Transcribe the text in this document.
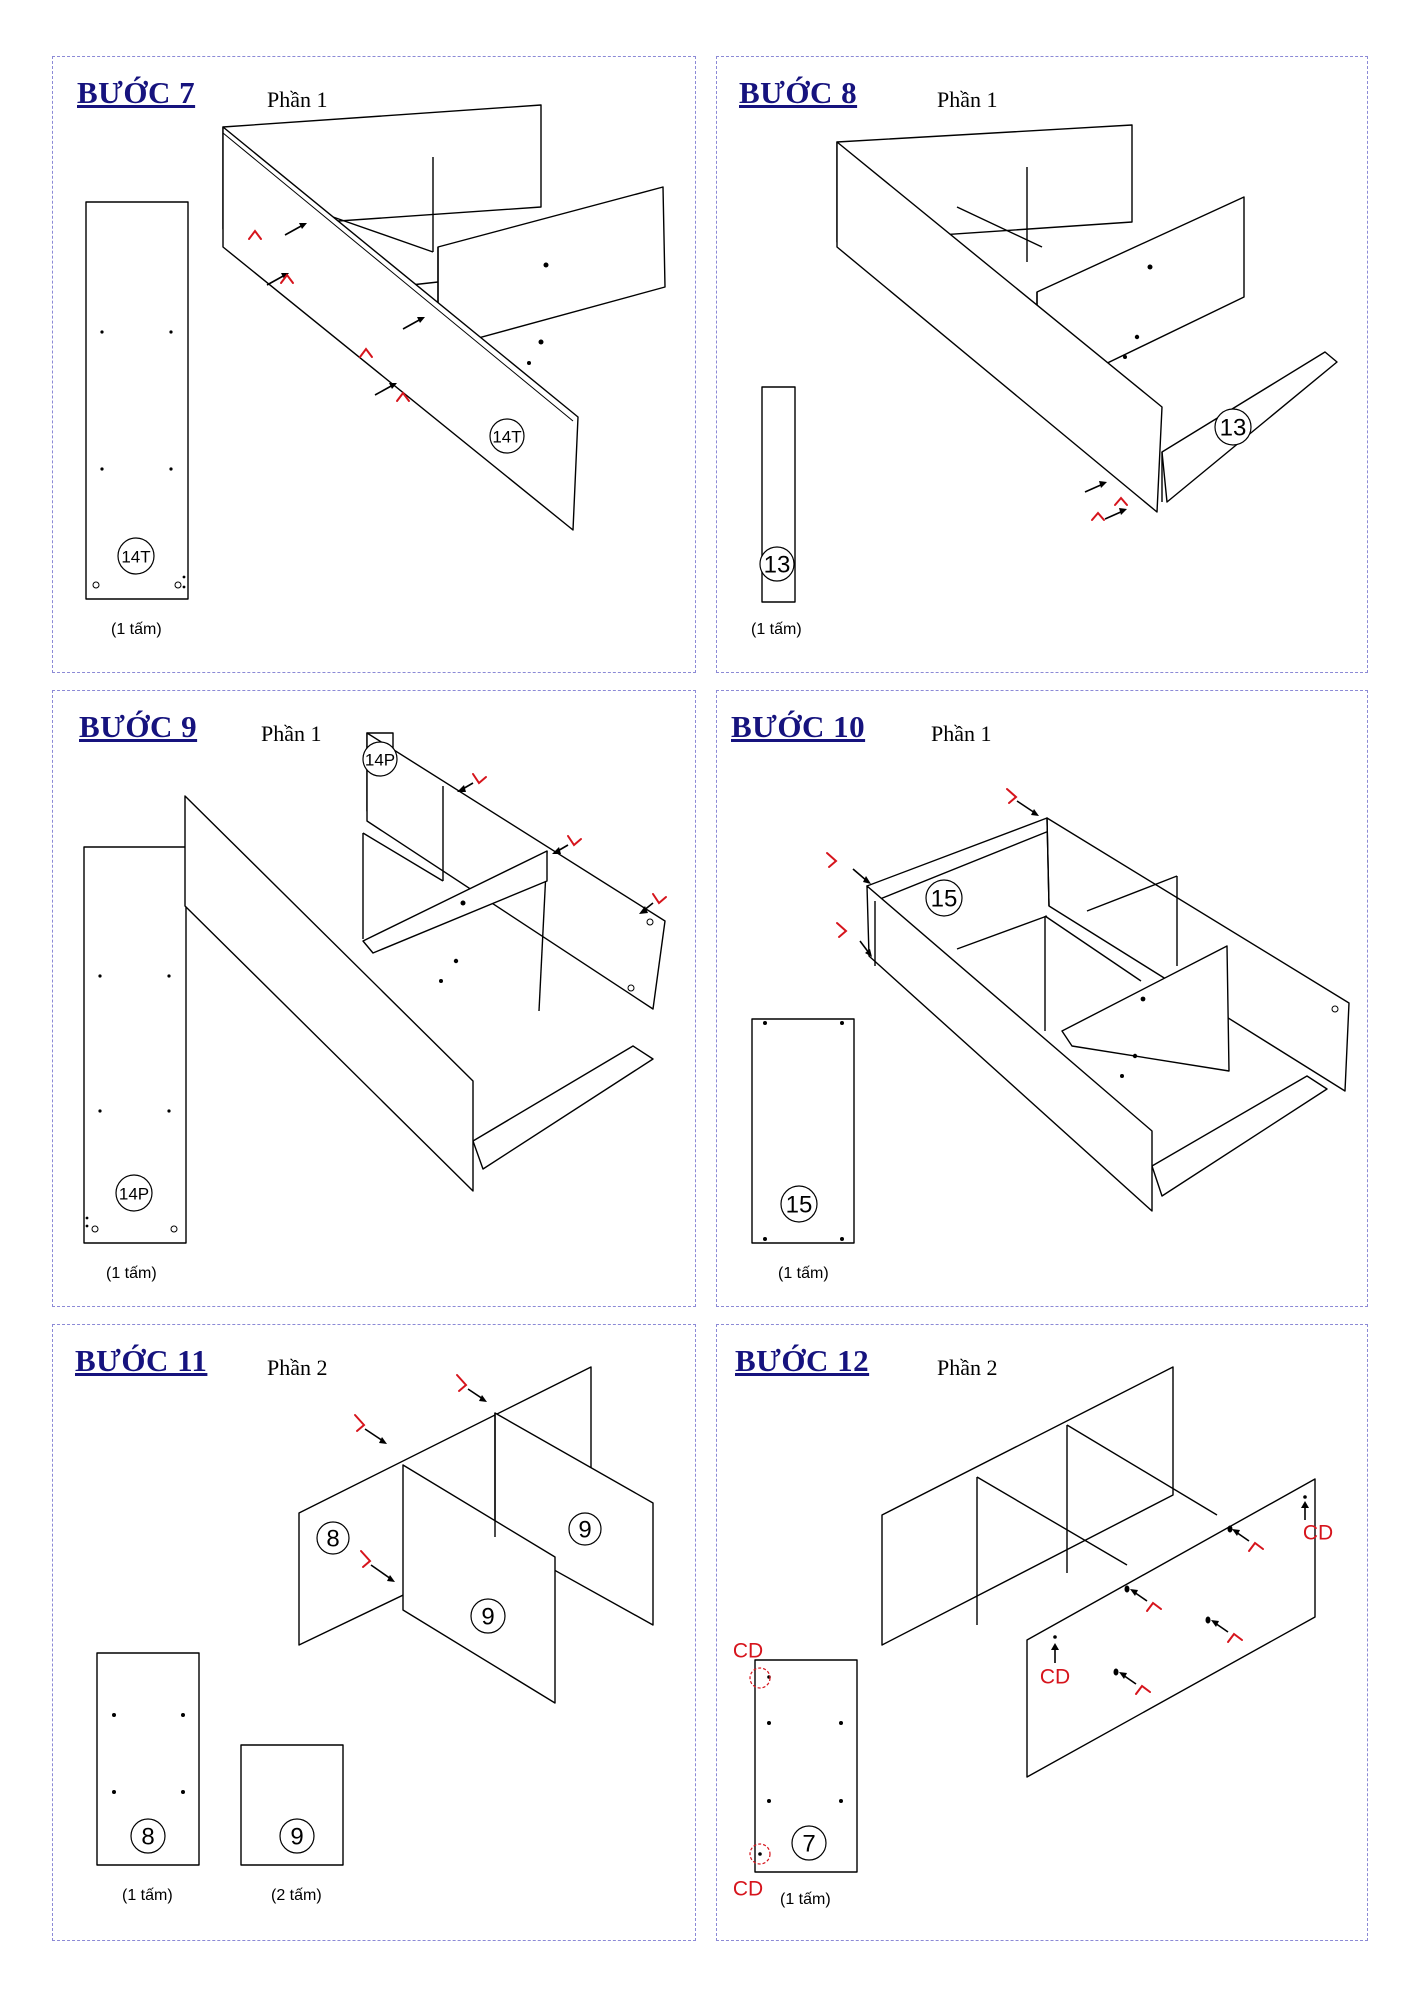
BƯỚC 7	Phần 1
14T
14T
(1 tấm)
BƯỚC 8	Phần 1
13
13
(1 tấm)
BƯỚC 9	Phần 1
14P
14P
(1 tấm)
BƯỚC 10	Phần 1
15
15
(1 tấm)
BƯỚC 11	Phần 2
8	9
8	9
9
(1 tấm)	(2 tấm)
BƯỚC 12	Phần 2
7
CD
CD
CD
CD
(1 tấm)
